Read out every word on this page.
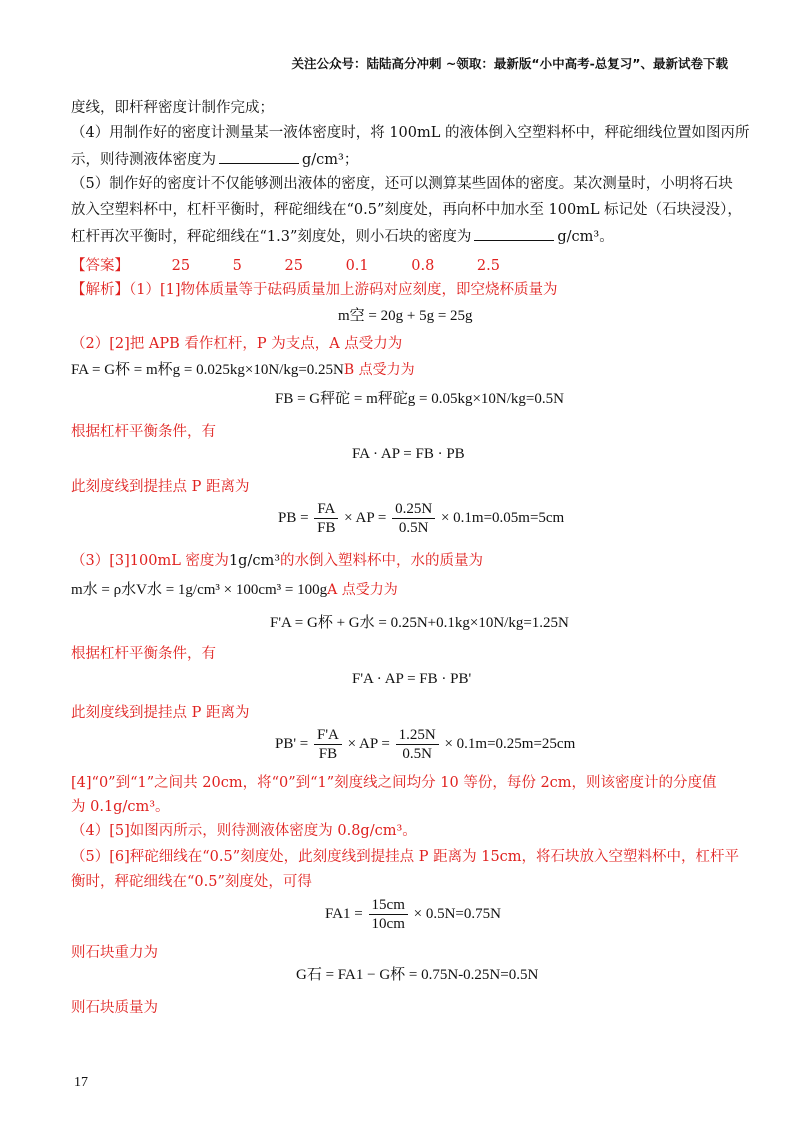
关注公众号：陆陆高分冲刺 ~领取：最新版“小中高考-总复习”、最新试卷下载
度线，即杆秤密度计制作完成；
（4）用制作好的密度计测量某一液体密度时，将 100mL 的液体倒入空塑料杯中，秤砣细线位置如图丙所
示，则待测液体密度为	g/cm³；
（5）制作好的密度计不仅能够测出液体的密度，还可以测算某些固体的密度。某次测量时，小明将石块
放入空塑料杯中，杠杆平衡时，秤砣细线在“0.5”刻度处，再向杯中加水至 100mL 标记处（石块浸没），
杠杆再次平衡时，秤砣细线在“1.3”刻度处，则小石块的密度为	g/cm³。
【答案】	25	5	25	0.1	0.8	2.5
【解析】（1）[1]物体质量等于砝码质量加上游码对应刻度，即空烧杯质量为
m空 = 20g + 5g = 25g
（2）[2]把 APB 看作杠杆，P 为支点，A 点受力为
FA = G杯 = m杯g = 0.025kg×10N/kg=0.25NB 点受力为
FB = G秤砣 = m秤砣g = 0.05kg×10N/kg=0.5N
根据杠杆平衡条件，有
FA · AP = FB · PB
此刻度线到提挂点 P 距离为
PB = $\frac{FA}{FB}$ × AP = $\frac{0.25N}{0.5N} \times 0.1m=0.05m=5cm$
（3）[3]100mL 密度为1g/cm³的水倒入塑料杯中，水的质量为
m水 = ρ水V水 = 1g/cm³ × 100cm³ = 100gA 点受力为
F'A = G杯 + G水 = 0.25N+0.1kg×10N/kg=1.25N
根据杠杆平衡条件，有
F'A · AP = FB · PB'
此刻度线到提挂点 P 距离为
$PB' = \frac{F'A}{FB}$ × AP = $\frac{1.25N}{0.5N} \times 0.1m=0.25m=25cm$
[4]“0”到“1”之间共 20cm，将“0”到“1”刻度线之间均分 10 等份，每份 2cm，则该密度计的分度值
为 0.1g/cm³。
（4）[5]如图丙所示，则待测液体密度为 0.8g/cm³。
（5）[6]秤砣细线在“0.5”刻度处，此刻度线到提挂点 P 距离为 15cm，将石块放入空塑料杯中，杠杆平
衡时，秤砣细线在“0.5”刻度处，可得
$FA1 = \frac{15cm}{10cm} \times 0.5N=0.75N$
则石块重力为
G石 = FA1 − G杯 = 0.75N-0.25N=0.5N
则石块质量为
17
